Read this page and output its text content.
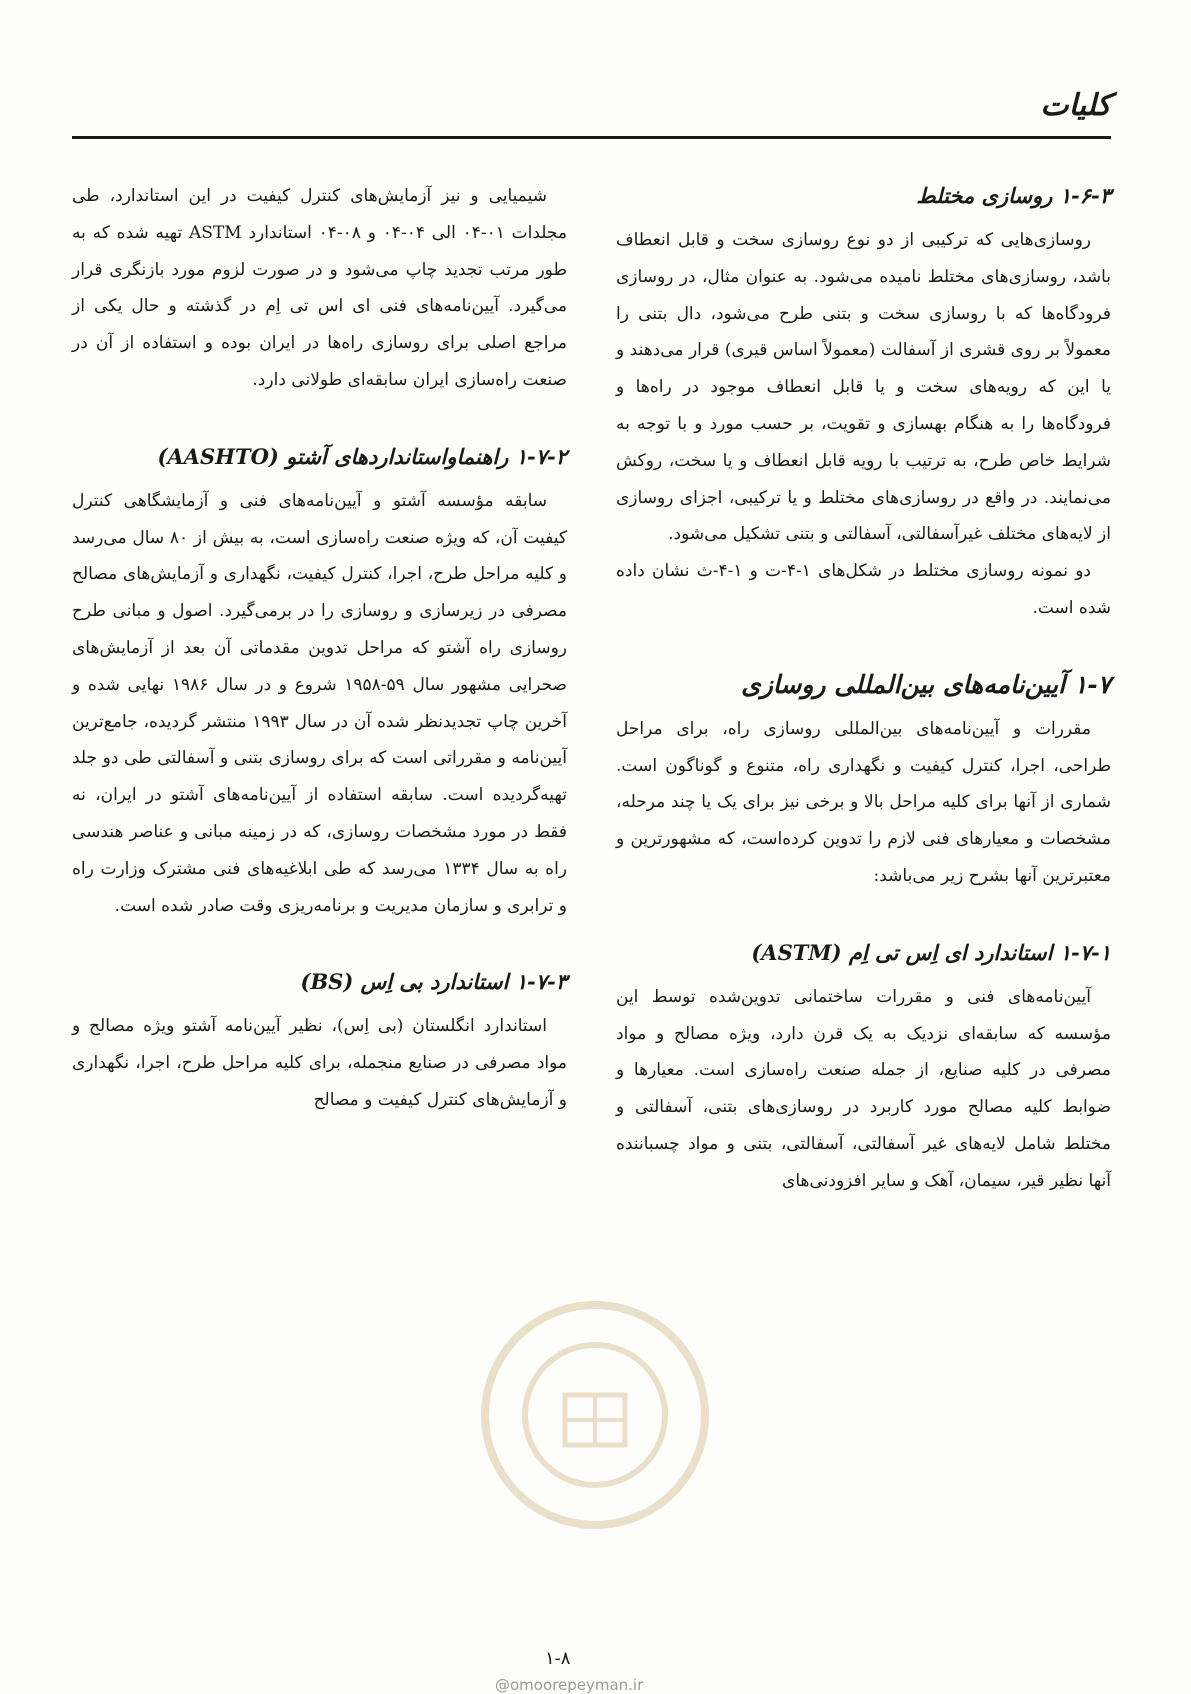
کلیات
۱-۶-۳ روسازی مختلط

روسازی‌هایی که ترکیبی از دو نوع روسازی سخت و قابل انعطاف باشد، روسازی‌های مختلط نامیده می‌شود. به عنوان مثال، در روسازی فرودگاه‌ها که با روسازی سخت و بتنی طرح می‌شود، دال بتنی را معمولاً بر روی قشری از آسفالت (معمولاً اساس قیری) قرار می‌دهند و یا این که رویه‌های سخت و یا قابل انعطاف موجود در راه‌ها و فرودگاه‌ها را به هنگام بهسازی و تقویت، بر حسب مورد و با توجه به شرایط خاص طرح، به ترتیب با رویه قابل انعطاف و یا سخت، روکش می‌نمایند. در واقع در روسازی‌های مختلط و یا ترکیبی، اجزای روسازی از لایه‌های مختلف غیرآسفالتی، آسفالتی و بتنی تشکیل می‌شود.

دو نمونه روسازی مختلط در شکل‌های ۱-۴-ت و ۱-۴-ث نشان داده شده است.

۱-۷ آیین‌نامه‌های بین‌المللی روسازی

مقررات و آیین‌نامه‌های بین‌المللی روسازی راه، برای مراحل طراحی، اجرا، کنترل کیفیت و نگهداری راه، متنوع و گوناگون است. شماری از آنها برای کلیه مراحل بالا و برخی نیز برای یک یا چند مرحله، مشخصات و معیارهای فنی لازم را تدوین کرده‌است، که مشهورترین و معتبرترین آنها بشرح زیر می‌باشد:

۱-۷-۱ استاندارد ای اِس تی اِم (ASTM)

آیین‌نامه‌های فنی و مقررات ساختمانی تدوین‌شده توسط این مؤسسه که سابقه‌ای نزدیک به یک قرن دارد، ویژه مصالح و مواد مصرفی در کلیه صنایع، از جمله صنعت راه‌سازی است. معیارها و ضوابط کلیه مصالح مورد کاربرد در روسازی‌های بتنی، آسفالتی و مختلط شامل لایه‌های غیر آسفالتی، آسفالتی، بتنی و مواد چسباننده آنها نظیر قیر، سیمان، آهک و سایر افزودنی‌های

شیمیایی و نیز آزمایش‌های کنترل کیفیت در این استاندارد، طی مجلدات ۰۱-۰۴ الی ۰۴-۰۴ و ۰۸-۰۴ استاندارد ASTM تهیه شده که به طور مرتب تجدید چاپ می‌شود و در صورت لزوم مورد بازنگری قرار می‌گیرد. آیین‌نامه‌های فنی ای اس تی اِم در گذشته و حال یکی از مراجع اصلی برای روسازی راه‌ها در ایران بوده و استفاده از آن در صنعت راه‌سازی ایران سابقه‌ای طولانی دارد.

۱-۷-۲ راهنماواستانداردهای آشتو (AASHTO)

سابقه مؤسسه آشتو و آیین‌نامه‌های فنی و آزمایشگاهی کنترل کیفیت آن، که ویژه صنعت راه‌سازی است، به بیش از ۸۰ سال می‌رسد و کلیه مراحل طرح، اجرا، کنترل کیفیت، نگهداری و آزمایش‌های مصالح مصرفی در زیرسازی و روسازی را در برمی‌گیرد. اصول و مبانی طرح روسازی راه آشتو که مراحل تدوین مقدماتی آن بعد از آزمایش‌های صحرایی مشهور سال ۵۹-۱۹۵۸ شروع و در سال ۱۹۸۶ نهایی شده و آخرین چاپ تجدیدنظر شده آن در سال ۱۹۹۳ منتشر گردیده، جامع‌ترین آیین‌نامه و مقرراتی است که برای روسازی بتنی و آسفالتی طی دو جلد تهیه‌گردیده است. سابقه استفاده از آیین‌نامه‌های آشتو در ایران، نه فقط در مورد مشخصات روسازی، که در زمینه مبانی و عناصر هندسی راه به سال ۱۳۳۴ می‌رسد که طی ابلاغیه‌های فنی مشترک وزارت راه و ترابری و سازمان مدیریت و برنامه‌ریزی وقت صادر شده است.

۱-۷-۳ استاندارد بی اِس (BS)

استاندارد انگلستان (بی اِس)، نظیر آیین‌نامه آشتو ویژه مصالح و مواد مصرفی در صنایع منجمله، برای کلیه مراحل طرح، اجرا، نگهداری و آزمایش‌های کنترل کیفیت و مصالح

۱-۸
@omoorepeyman.ir
